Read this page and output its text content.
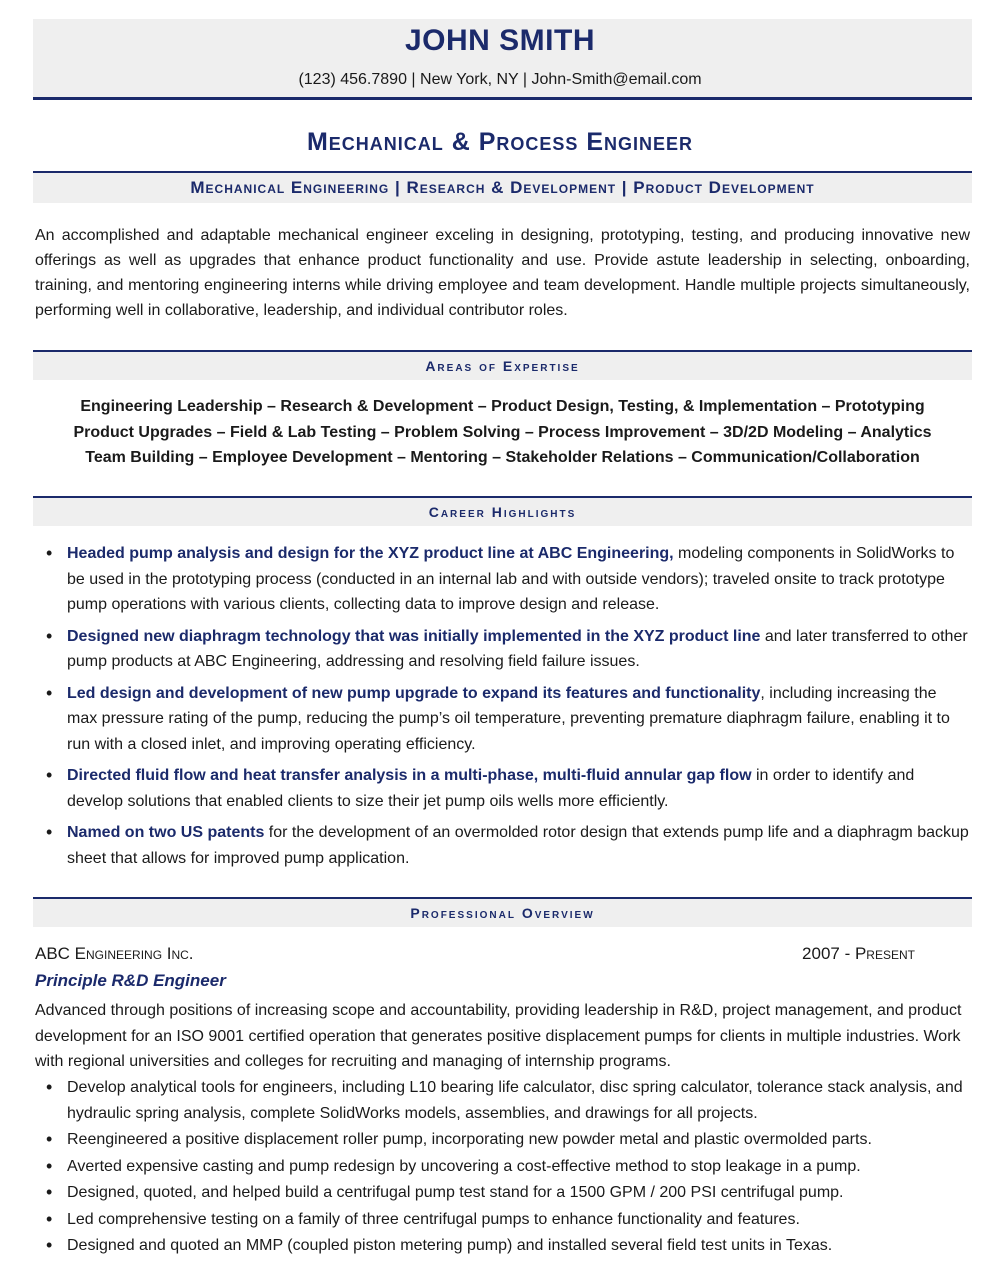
JOHN SMITH
(123) 456.7890 | New York, NY | John-Smith@email.com
Mechanical & Process Engineer
Mechanical Engineering | Research & Development | Product Development
An accomplished and adaptable mechanical engineer exceling in designing, prototyping, testing, and producing innovative new offerings as well as upgrades that enhance product functionality and use. Provide astute leadership in selecting, onboarding, training, and mentoring engineering interns while driving employee and team development. Handle multiple projects simultaneously, performing well in collaborative, leadership, and individual contributor roles.
Areas of Expertise
Engineering Leadership – Research & Development – Product Design, Testing, & Implementation – Prototyping
Product Upgrades – Field & Lab Testing – Problem Solving – Process Improvement – 3D/2D Modeling – Analytics
Team Building – Employee Development – Mentoring – Stakeholder Relations – Communication/Collaboration
Career Highlights
• Headed pump analysis and design for the XYZ product line at ABC Engineering, modeling components in SolidWorks to be used in the prototyping process (conducted in an internal lab and with outside vendors); traveled onsite to track prototype pump operations with various clients, collecting data to improve design and release.
• Designed new diaphragm technology that was initially implemented in the XYZ product line and later transferred to other pump products at ABC Engineering, addressing and resolving field failure issues.
• Led design and development of new pump upgrade to expand its features and functionality, including increasing the max pressure rating of the pump, reducing the pump’s oil temperature, preventing premature diaphragm failure, enabling it to run with a closed inlet, and improving operating efficiency.
• Directed fluid flow and heat transfer analysis in a multi-phase, multi-fluid annular gap flow in order to identify and develop solutions that enabled clients to size their jet pump oils wells more efficiently.
• Named on two US patents for the development of an overmolded rotor design that extends pump life and a diaphragm backup sheet that allows for improved pump application.
Professional Overview
ABC Engineering Inc.	2007 - Present
Principle R&D Engineer
Advanced through positions of increasing scope and accountability, providing leadership in R&D, project management, and product development for an ISO 9001 certified operation that generates positive displacement pumps for clients in multiple industries. Work with regional universities and colleges for recruiting and managing of internship programs.
• Develop analytical tools for engineers, including L10 bearing life calculator, disc spring calculator, tolerance stack analysis, and hydraulic spring analysis, complete SolidWorks models, assemblies, and drawings for all projects.
• Reengineered a positive displacement roller pump, incorporating new powder metal and plastic overmolded parts.
• Averted expensive casting and pump redesign by uncovering a cost-effective method to stop leakage in a pump.
• Designed, quoted, and helped build a centrifugal pump test stand for a 1500 GPM / 200 PSI centrifugal pump.
• Led comprehensive testing on a family of three centrifugal pumps to enhance functionality and features.
• Designed and quoted an MMP (coupled piston metering pump) and installed several field test units in Texas.
